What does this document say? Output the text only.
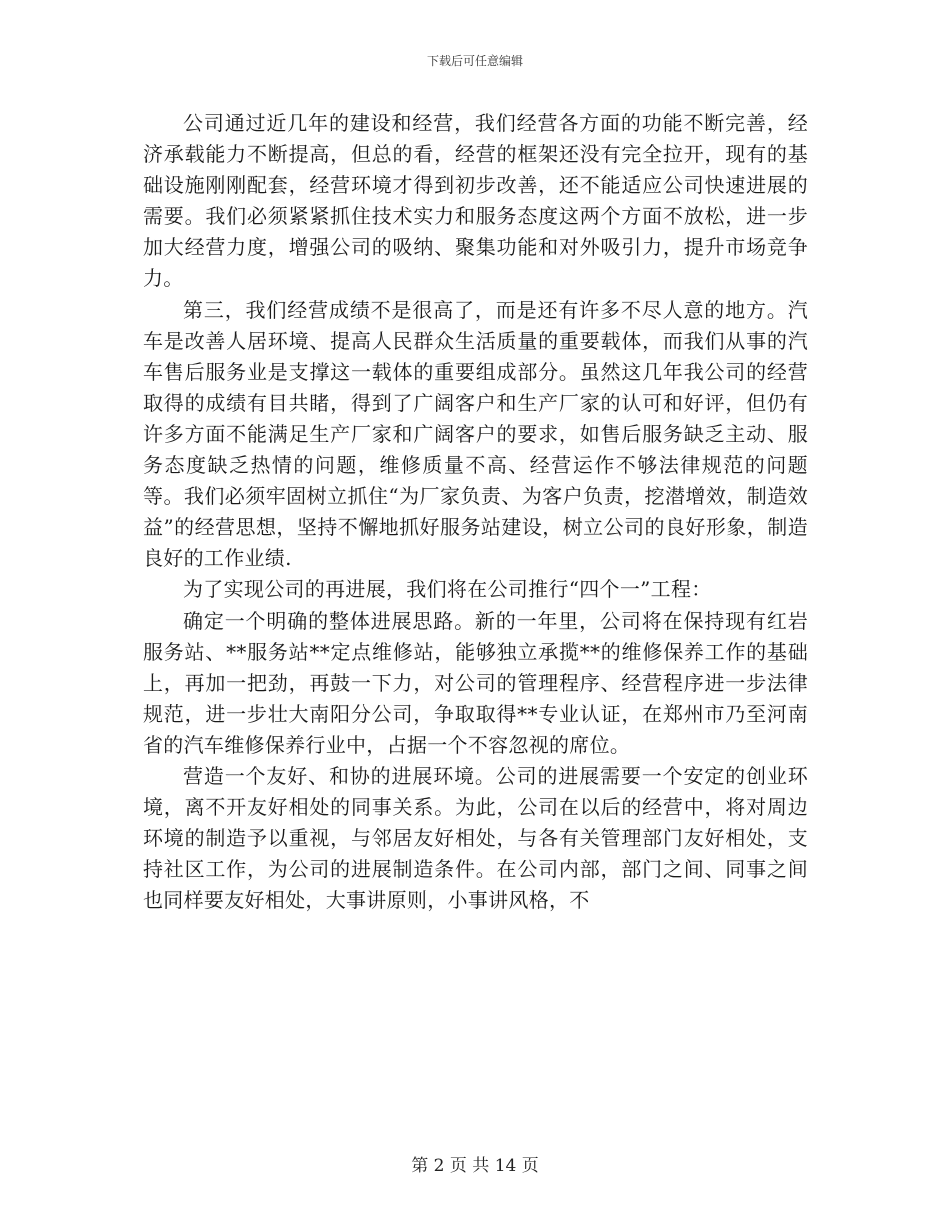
下载后可任意编辑

公司通过近几年的建设和经营，我们经营各方面的功能不断完善，经济承载能力不断提高，但总的看，经营的框架还没有完全拉开，现有的基础设施刚刚配套，经营环境才得到初步改善，还不能适应公司快速进展的需要。我们必须紧紧抓住技术实力和服务态度这两个方面不放松，进一步加大经营力度，增强公司的吸纳、聚集功能和对外吸引力，提升市场竞争力。

第三，我们经营成绩不是很高了，而是还有许多不尽人意的地方。汽车是改善人居环境、提高人民群众生活质量的重要载体，而我们从事的汽车售后服务业是支撑这一载体的重要组成部分。虽然这几年我公司的经营取得的成绩有目共睹，得到了广阔客户和生产厂家的认可和好评，但仍有许多方面不能满足生产厂家和广阔客户的要求，如售后服务缺乏主动、服务态度缺乏热情的问题，维修质量不高、经营运作不够法律规范的问题等。我们必须牢固树立抓住“为厂家负责、为客户负责，挖潜增效，制造效益”的经营思想，坚持不懈地抓好服务站建设，树立公司的良好形象，制造良好的工作业绩.

为了实现公司的再进展，我们将在公司推行“四个一”工程：

确定一个明确的整体进展思路。新的一年里，公司将在保持现有红岩服务站、**服务站**定点维修站，能够独立承揽**的维修保养工作的基础上，再加一把劲，再鼓一下力，对公司的管理程序、经营程序进一步法律规范，进一步壮大南阳分公司，争取取得**专业认证，在郑州市乃至河南省的汽车维修保养行业中，占据一个不容忽视的席位。

营造一个友好、和协的进展环境。公司的进展需要一个安定的创业环境，离不开友好相处的同事关系。为此，公司在以后的经营中，将对周边环境的制造予以重视，与邻居友好相处，与各有关管理部门友好相处，支持社区工作，为公司的进展制造条件。在公司内部，部门之间、同事之间也同样要友好相处，大事讲原则，小事讲风格，不

第 2 页 共 14 页
